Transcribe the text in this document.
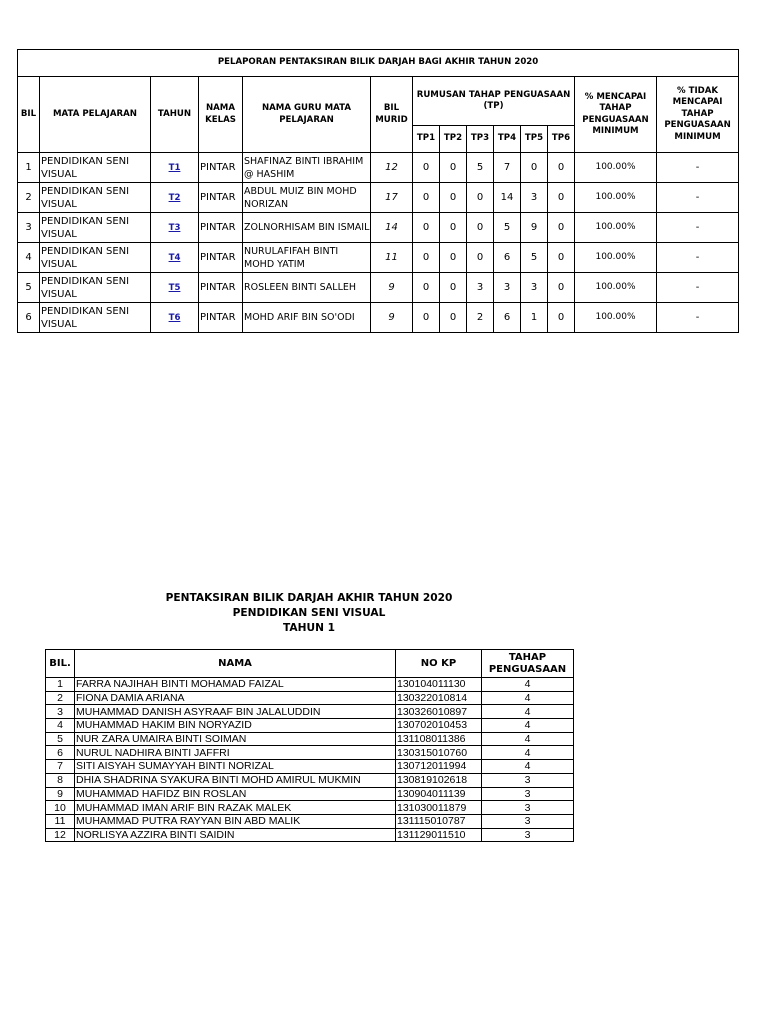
PELAPORAN PENTAKSIRAN BILIK DARJAH BAGI AKHIR TAHUN 2020													
BIL	MATA PELAJARAN	TAHUN	NAMA KELAS	NAMA GURU MATA PELAJARAN	BIL MURID	RUMUSAN TAHAP PENGUASAAN (TP)						% MENCAPAI TAHAP PENGUASAAN MINIMUM	% TIDAK MENCAPAI TAHAP PENGUASAAN MINIMUM
						TP1	TP2	TP3	TP4	TP5	TP6		
1	PENDIDIKAN SENI VISUAL	T1	PINTAR	SHAFINAZ BINTI IBRAHIM @ HASHIM	12	0	0	5	7	0	0	100.00%	-
2	PENDIDIKAN SENI VISUAL	T2	PINTAR	ABDUL MUIZ BIN MOHD NORIZAN	17	0	0	0	14	3	0	100.00%	-
3	PENDIDIKAN SENI VISUAL	T3	PINTAR	ZOLNORHISAM BIN ISMAIL	14	0	0	0	5	9	0	100.00%	-
4	PENDIDIKAN SENI VISUAL	T4	PINTAR	NURULAFIFAH BINTI MOHD YATIM	11	0	0	0	6	5	0	100.00%	-
5	PENDIDIKAN SENI VISUAL	T5	PINTAR	ROSLEEN BINTI SALLEH	9	0	0	3	3	3	0	100.00%	-
6	PENDIDIKAN SENI VISUAL	T6	PINTAR	MOHD ARIF BIN SO'ODI	9	0	0	2	6	1	0	100.00%	-
PENTAKSIRAN BILIK DARJAH AKHIR TAHUN 2020
PENDIDIKAN SENI VISUAL
TAHUN 1
BIL.	NAMA	NO KP	TAHAP PENGUASAAN
1	FARRA NAJIHAH BINTI MOHAMAD FAIZAL	130104011130	4
2	FIONA DAMIA ARIANA	130322010814	4
3	MUHAMMAD DANISH ASYRAAF BIN JALALUDDIN	130326010897	4
4	MUHAMMAD HAKIM BIN NORYAZID	130702010453	4
5	NUR ZARA UMAIRA BINTI SOIMAN	131108011386	4
6	NURUL NADHIRA BINTI JAFFRI	130315010760	4
7	SITI AISYAH SUMAYYAH BINTI NORIZAL	130712011994	4
8	DHIA SHADRINA SYAKURA BINTI MOHD AMIRUL MUKMIN	130819102618	3
9	MUHAMMAD HAFIDZ BIN ROSLAN	130904011139	3
10	MUHAMMAD IMAN ARIF BIN RAZAK MALEK	131030011879	3
11	MUHAMMAD PUTRA RAYYAN BIN ABD MALIK	131115010787	3
12	NORLISYA AZZIRA BINTI SAIDIN	131129011510	3
